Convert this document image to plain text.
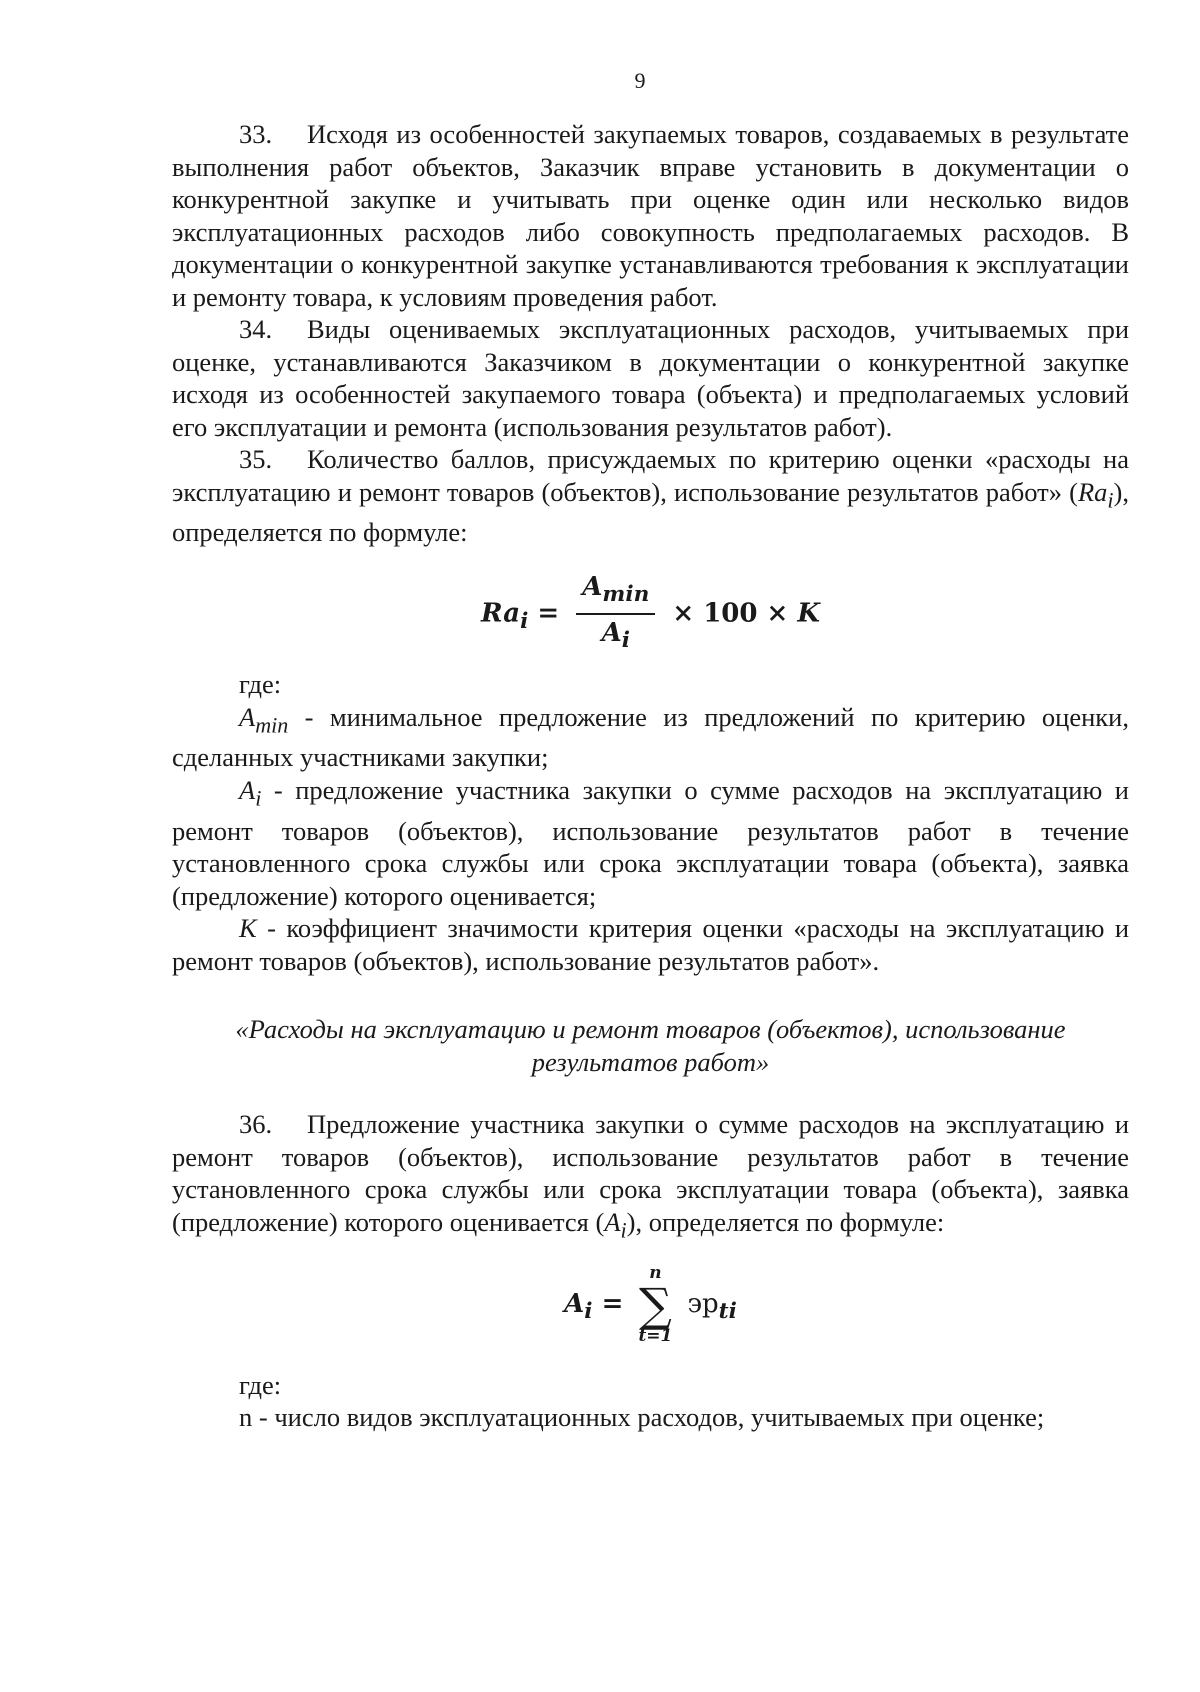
9

33. Исходя из особенностей закупаемых товаров, создаваемых в результате выполнения работ объектов, Заказчик вправе установить в документации о конкурентной закупке и учитывать при оценке один или несколько видов эксплуатационных расходов либо совокупность предполагаемых расходов. В документации о конкурентной закупке устанавливаются требования к эксплуатации и ремонту товара, к условиям проведения работ.

34. Виды оцениваемых эксплуатационных расходов, учитываемых при оценке, устанавливаются Заказчиком в документации о конкурентной закупке исходя из особенностей закупаемого товара (объекта) и предполагаемых условий его эксплуатации и ремонта (использования результатов работ).

35. Количество баллов, присуждаемых по критерию оценки «расходы на эксплуатацию и ремонт товаров (объектов), использование результатов работ» $(Ra_i)$, определяется по формуле:

$Ra_i = \frac{A_{min}}{A_i} \times 100 \times K$

где:

$A_{min}$ - минимальное предложение из предложений по критерию оценки, сделанных участниками закупки;

$A_i$ - предложение участника закупки о сумме расходов на эксплуатацию и ремонт товаров (объектов), использование результатов работ в течение установленного срока службы или срока эксплуатации товара (объекта), заявка (предложение) которого оценивается;

K - коэффициент значимости критерия оценки «расходы на эксплуатацию и ремонт товаров (объектов), использование результатов работ».

«Расходы на эксплуатацию и ремонт товаров (объектов), использование результатов работ»

36. Предложение участника закупки о сумме расходов на эксплуатацию и ремонт товаров (объектов), использование результатов работ в течение установленного срока службы или срока эксплуатации товара (объекта), заявка (предложение) которого оценивается $(A_i)$, определяется по формуле:

$A_i$ =
n
∑
t=1
$эр_{ti}$

где:

n - число видов эксплуатационных расходов, учитываемых при оценке;
